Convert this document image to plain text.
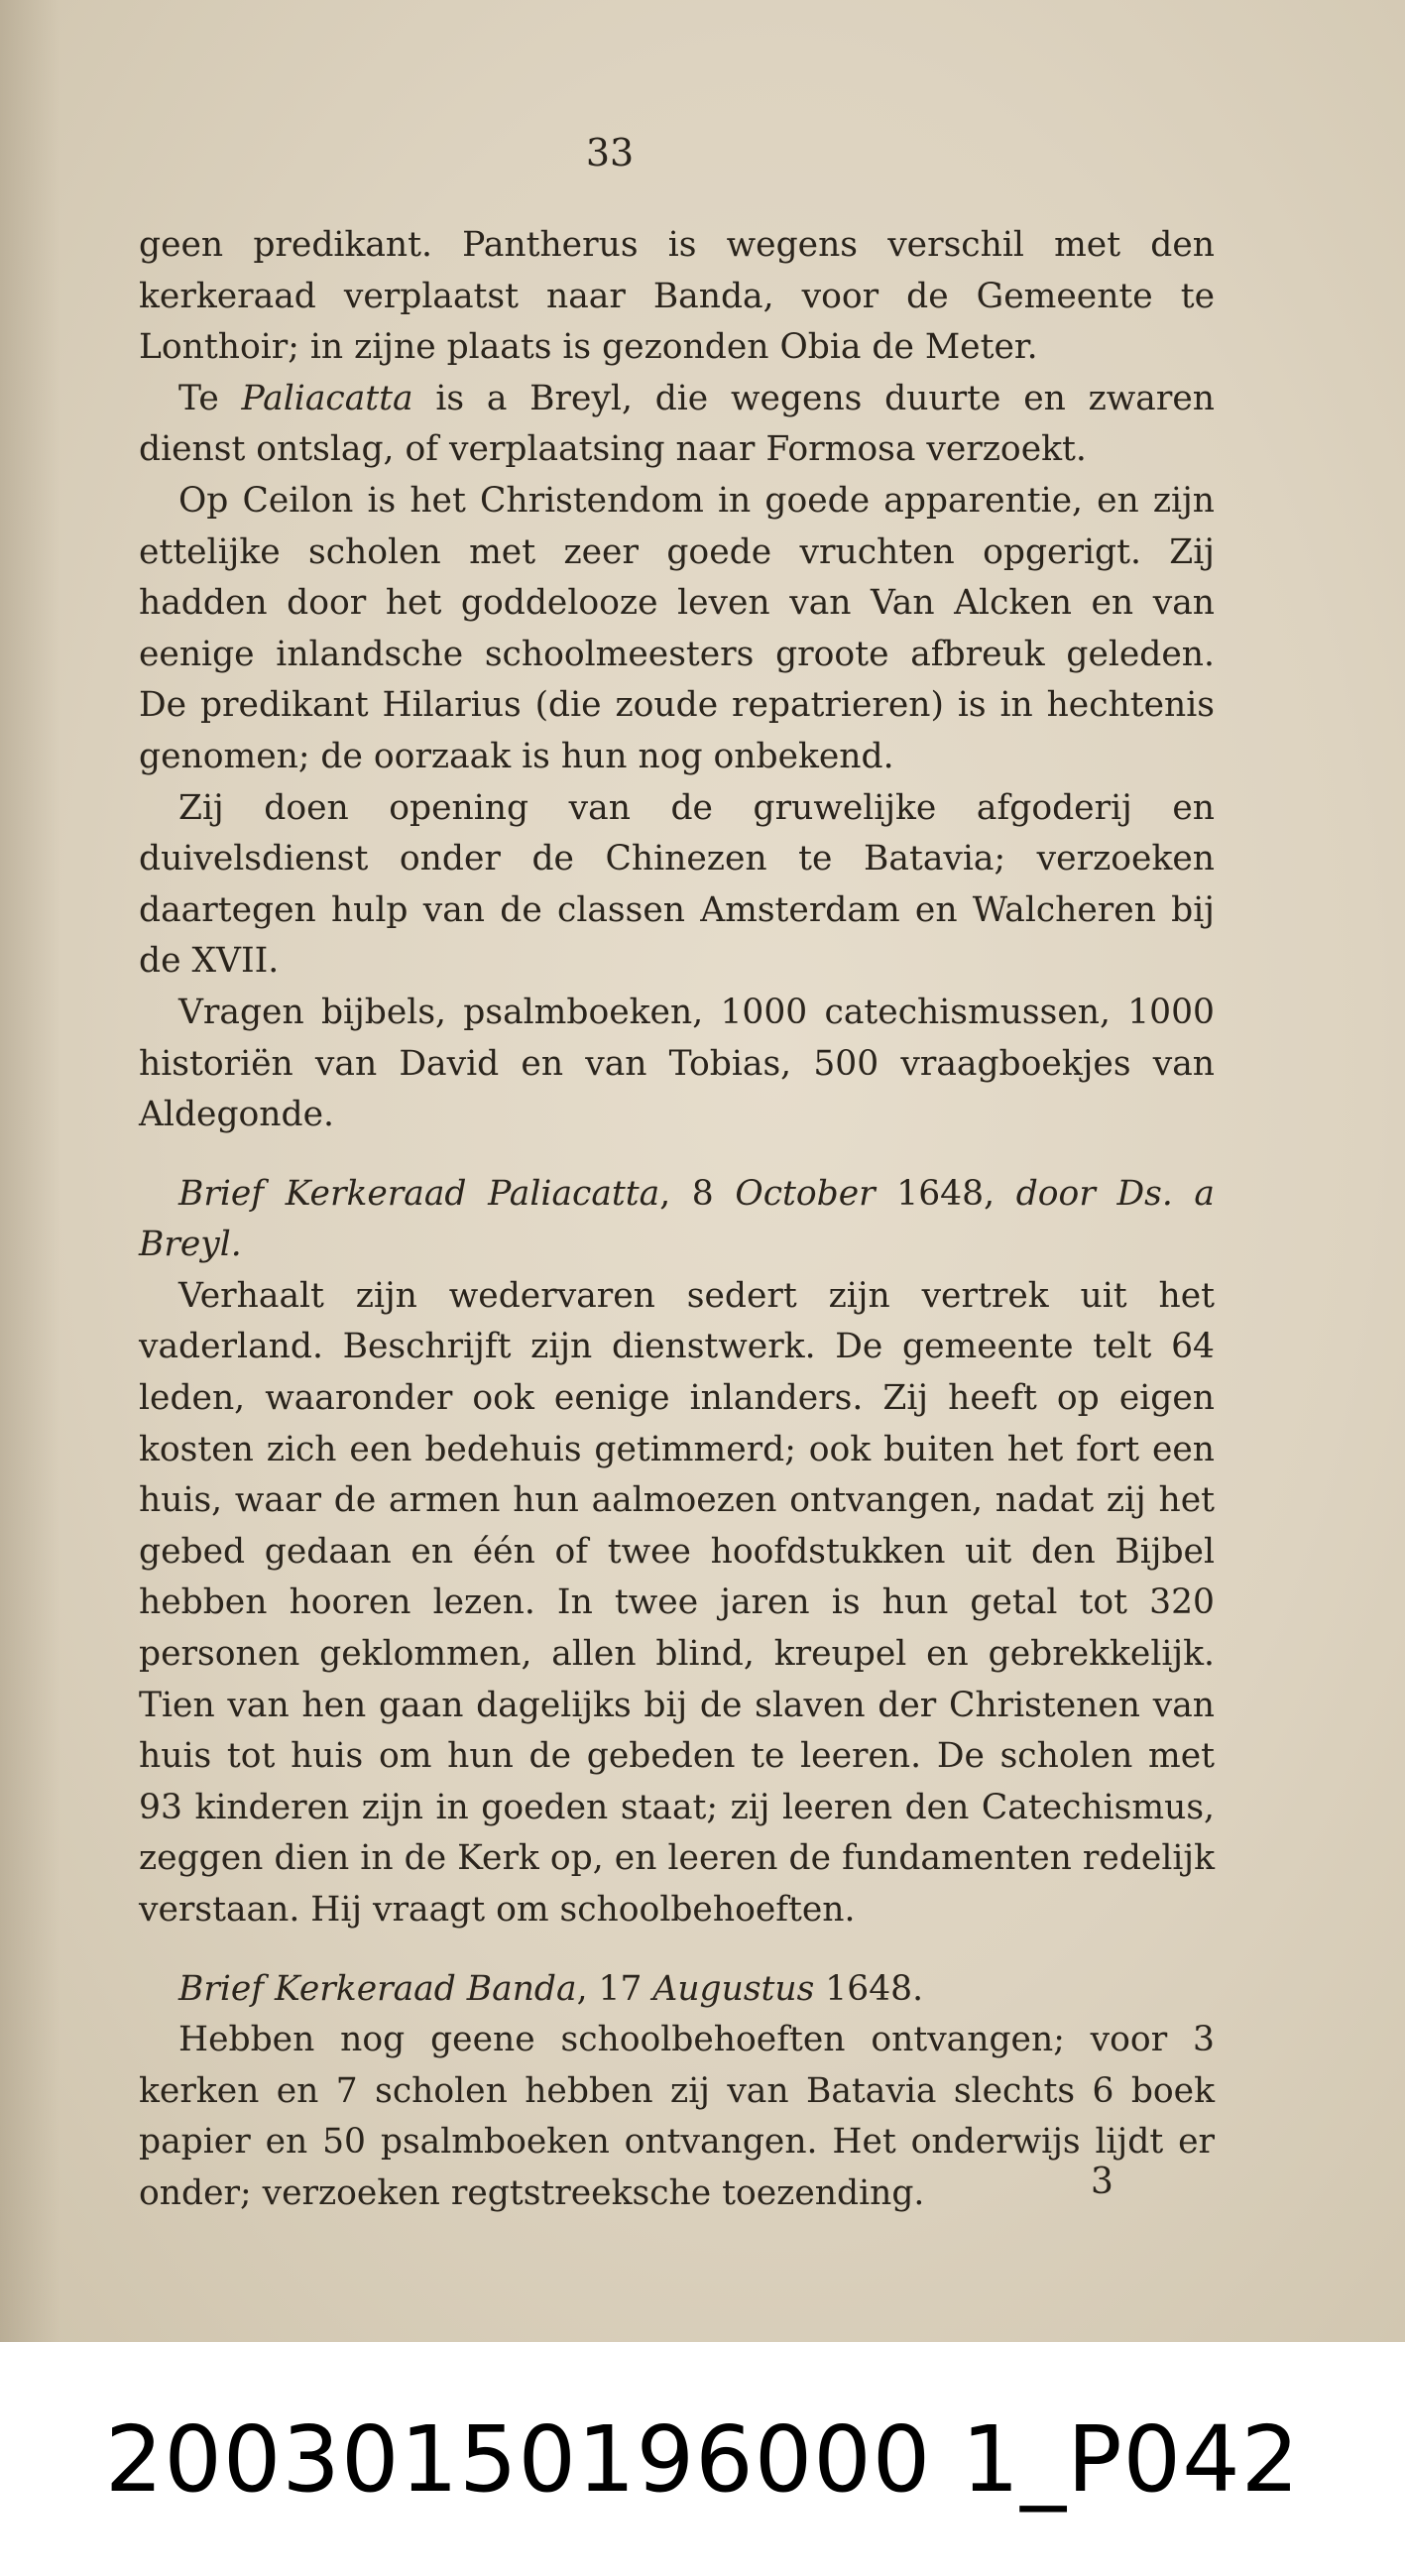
33

geen predikant. Pantherus is wegens verschil met den kerkeraad verplaatst naar Banda, voor de Gemeente te Lonthoir; in zijne plaats is gezonden Obia de Meter.

Te Paliacatta is a Breyl, die wegens duurte en zwaren dienst ontslag, of verplaatsing naar Formosa verzoekt.

Op Ceilon is het Christendom in goede apparentie, en zijn ettelijke scholen met zeer goede vruchten opgerigt. Zij hadden door het goddelooze leven van Van Alcken en van eenige inlandsche schoolmeesters groote afbreuk geleden. De predikant Hilarius (die zoude repatrieren) is in hechtenis genomen; de oorzaak is hun nog onbekend.

Zij doen opening van de gruwelijke afgoderij en duivelsdienst onder de Chinezen te Batavia; verzoeken daartegen hulp van de classen Amsterdam en Walcheren bij de XVII.

Vragen bijbels, psalmboeken, 1000 catechismussen, 1000 historiën van David en van Tobias, 500 vraagboekjes van Aldegonde.

Brief Kerkeraad Paliacatta, 8 October 1648, door Ds. a Breyl.

Verhaalt zijn wedervaren sedert zijn vertrek uit het vaderland. Beschrijft zijn dienstwerk. De gemeente telt 64 leden, waaronder ook eenige inlanders. Zij heeft op eigen kosten zich een bedehuis getimmerd; ook buiten het fort een huis, waar de armen hun aalmoezen ontvangen, nadat zij het gebed gedaan en één of twee hoofdstukken uit den Bijbel hebben hooren lezen. In twee jaren is hun getal tot 320 personen geklommen, allen blind, kreupel en gebrekkelijk. Tien van hen gaan dagelijks bij de slaven der Christenen van huis tot huis om hun de gebeden te leeren. De scholen met 93 kinderen zijn in goeden staat; zij leeren den Catechismus, zeggen dien in de Kerk op, en leeren de fundamenten redelijk verstaan. Hij vraagt om schoolbehoeften.

Brief Kerkeraad Banda, 17 Augustus 1648.

Hebben nog geene schoolbehoeften ontvangen; voor 3 kerken en 7 scholen hebben zij van Batavia slechts 6 boek papier en 50 psalmboeken ontvangen. Het onderwijs lijdt er onder; verzoeken regtstreeksche toezending.	3
20030150196000 1_P042
